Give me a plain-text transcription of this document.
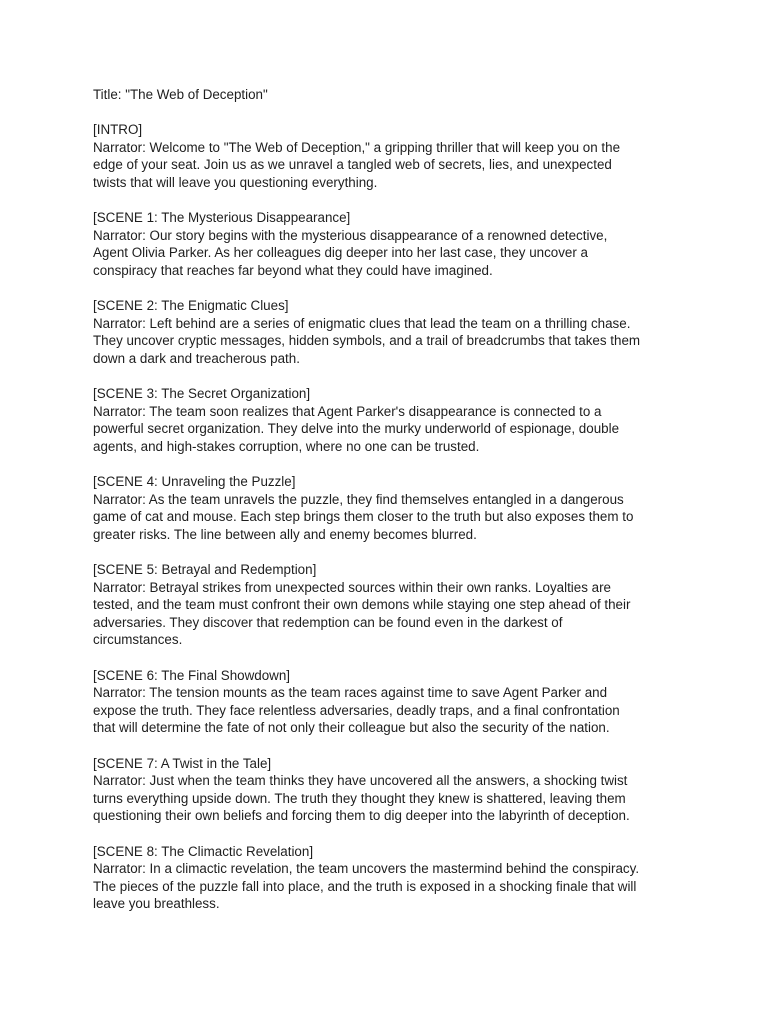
Title: "The Web of Deception"
[INTRO]
Narrator: Welcome to "The Web of Deception," a gripping thriller that will keep you on the
edge of your seat. Join us as we unravel a tangled web of secrets, lies, and unexpected
twists that will leave you questioning everything.
[SCENE 1: The Mysterious Disappearance]
Narrator: Our story begins with the mysterious disappearance of a renowned detective,
Agent Olivia Parker. As her colleagues dig deeper into her last case, they uncover a
conspiracy that reaches far beyond what they could have imagined.
[SCENE 2: The Enigmatic Clues]
Narrator: Left behind are a series of enigmatic clues that lead the team on a thrilling chase.
They uncover cryptic messages, hidden symbols, and a trail of breadcrumbs that takes them
down a dark and treacherous path.
[SCENE 3: The Secret Organization]
Narrator: The team soon realizes that Agent Parker's disappearance is connected to a
powerful secret organization. They delve into the murky underworld of espionage, double
agents, and high-stakes corruption, where no one can be trusted.
[SCENE 4: Unraveling the Puzzle]
Narrator: As the team unravels the puzzle, they find themselves entangled in a dangerous
game of cat and mouse. Each step brings them closer to the truth but also exposes them to
greater risks. The line between ally and enemy becomes blurred.
[SCENE 5: Betrayal and Redemption]
Narrator: Betrayal strikes from unexpected sources within their own ranks. Loyalties are
tested, and the team must confront their own demons while staying one step ahead of their
adversaries. They discover that redemption can be found even in the darkest of
circumstances.
[SCENE 6: The Final Showdown]
Narrator: The tension mounts as the team races against time to save Agent Parker and
expose the truth. They face relentless adversaries, deadly traps, and a final confrontation
that will determine the fate of not only their colleague but also the security of the nation.
[SCENE 7: A Twist in the Tale]
Narrator: Just when the team thinks they have uncovered all the answers, a shocking twist
turns everything upside down. The truth they thought they knew is shattered, leaving them
questioning their own beliefs and forcing them to dig deeper into the labyrinth of deception.
[SCENE 8: The Climactic Revelation]
Narrator: In a climactic revelation, the team uncovers the mastermind behind the conspiracy.
The pieces of the puzzle fall into place, and the truth is exposed in a shocking finale that will
leave you breathless.
